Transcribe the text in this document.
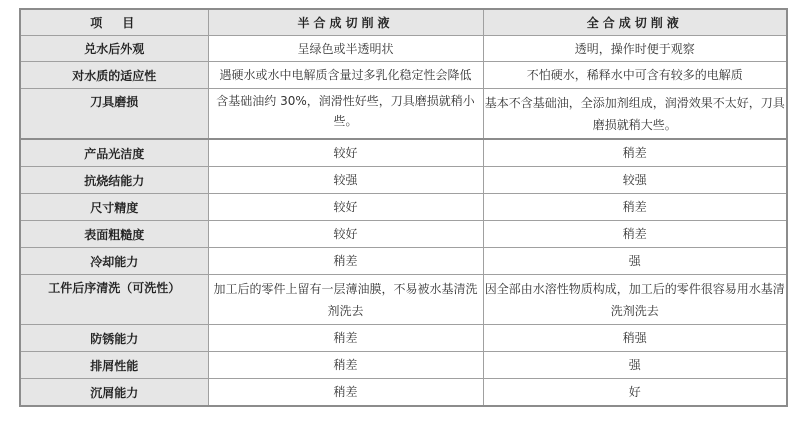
项　目	半合成切削液	全合成切削液
兑水后外观	呈绿色或半透明状	透明，操作时便于观察
对水质的适应性	遇硬水或水中电解质含量过多乳化稳定性会降低	不怕硬水，稀释水中可含有较多的电解质
刀具磨损	含基础油约 30%，润滑性好些，刀具磨损就稍小些。	基本不含基础油，全添加剂组成，润滑效果不太好，刀具磨损就稍大些。
产品光洁度	较好	稍差
抗烧结能力	较强	较强
尺寸精度	较好	稍差
表面粗糙度	较好	稍差
冷却能力	稍差	强
工件后序清洗（可洗性）	加工后的零件上留有一层薄油膜，不易被水基清洗剂洗去	因全部由水溶性物质构成，加工后的零件很容易用水基清洗剂洗去
防锈能力	稍差	稍强
排屑性能	稍差	强
沉屑能力	稍差	好
